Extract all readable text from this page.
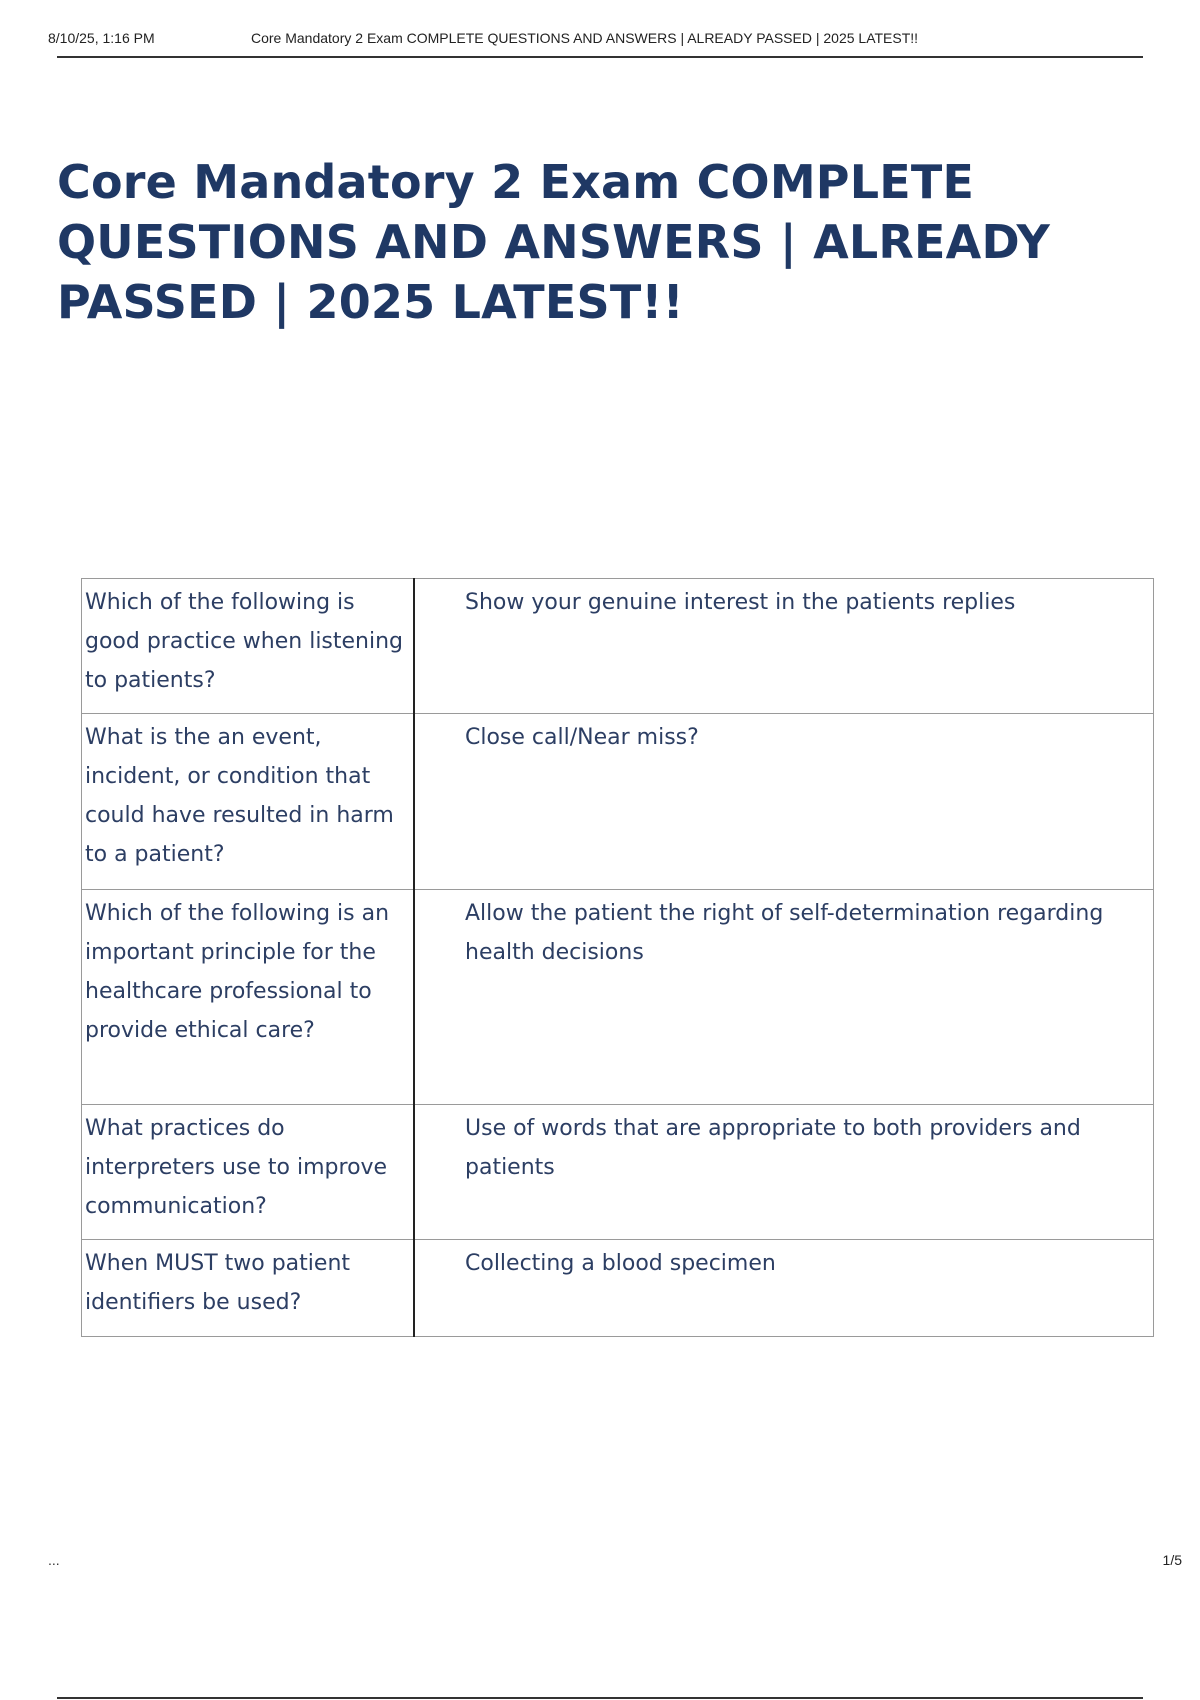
8/10/25, 1:16 PM	Core Mandatory 2 Exam COMPLETE QUESTIONS AND ANSWERS | ALREADY PASSED | 2025 LATEST!!
Core Mandatory 2 Exam COMPLETE QUESTIONS AND ANSWERS | ALREADY PASSED | 2025 LATEST!!
Which of the following is good practice when listening to patients?	Show your genuine interest in the patients replies
What is the an event, incident, or condition that could have resulted in harm to a patient?	Close call/Near miss?
Which of the following is an important principle for the healthcare professional to provide ethical care?	Allow the patient the right of self-determination regarding health decisions
What practices do interpreters use to improve communication?	Use of words that are appropriate to both providers and patients
When MUST two patient identifiers be used?	Collecting a blood specimen
...	1/5
